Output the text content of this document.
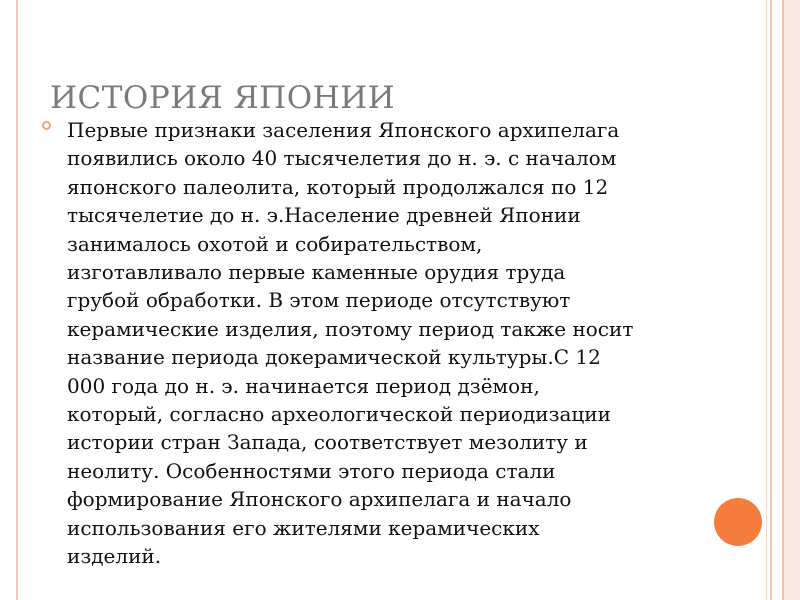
ИСТОРИЯ ЯПОНИИ
Первые признаки заселения Японского архипелага
появились около 40 тысячелетия до н. э. с началом
японского палеолита, который продолжался по 12
тысячелетие до н. э.Население древней Японии
занималось охотой и собирательством,
изготавливало первые каменные орудия труда
грубой обработки. В этом периоде отсутствуют
керамические изделия, поэтому период также носит
название периода докерамической культуры.С 12
000 года до н. э. начинается период дзёмон,
который, согласно археологической периодизации
истории стран Запада, соответствует мезолиту и
неолиту. Особенностями этого периода стали
формирование Японского архипелага и начало
использования его жителями керамических
изделий.
